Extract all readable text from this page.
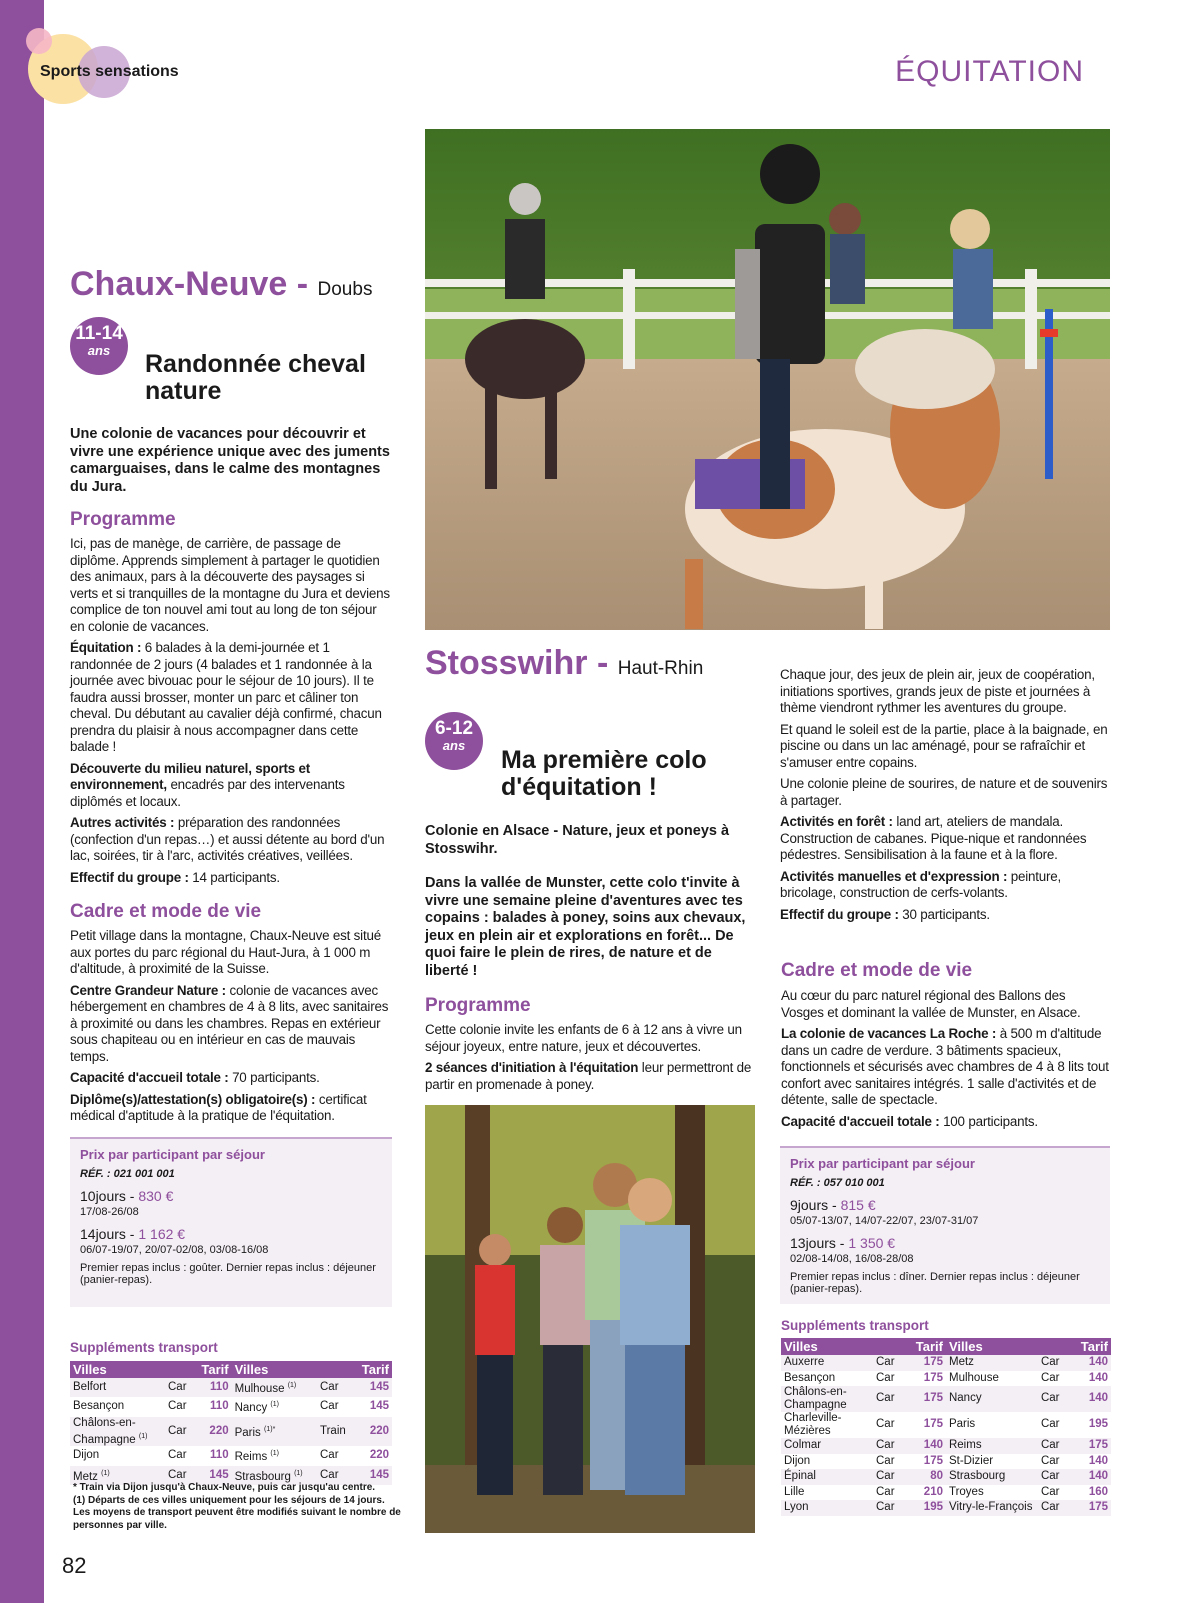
Sports sensations	ÉQUITATION
Chaux-Neuve - Doubs
11-14
ans	Randonnée cheval nature
Une colonie de vacances pour découvrir et vivre une expérience unique avec des juments camarguaises, dans le calme des montagnes du Jura.
Programme

Ici, pas de manège, de carrière, de passage de diplôme. Apprends simplement à partager le quotidien des animaux, pars à la découverte des paysages si verts et si tranquilles de la montagne du Jura et deviens complice de ton nouvel ami tout au long de ton séjour en colonie de vacances.

Équitation : 6 balades à la demi-journée et 1 randonnée de 2 jours (4 balades et 1 randonnée à la journée avec bivouac pour le séjour de 10 jours). Il te faudra aussi brosser, monter un parc et câliner ton cheval. Du débutant au cavalier déjà confirmé, chacun prendra du plaisir à nous accompagner dans cette balade !

Découverte du milieu naturel, sports et environnement, encadrés par des intervenants diplômés et locaux.

Autres activités : préparation des randonnées (confection d'un repas…) et aussi détente au bord d'un lac, soirées, tir à l'arc, activités créatives, veillées.

Effectif du groupe : 14 participants.

Cadre et mode de vie

Petit village dans la montagne, Chaux-Neuve est situé aux portes du parc régional du Haut-Jura, à 1 000 m d'altitude, à proximité de la Suisse.

Centre Grandeur Nature : colonie de vacances avec hébergement en chambres de 4 à 8 lits, avec sanitaires à proximité ou dans les chambres. Repas en extérieur sous chapiteau ou en intérieur en cas de mauvais temps.

Capacité d'accueil totale : 70 participants.

Diplôme(s)/attestation(s) obligatoire(s) : certificat médical d'aptitude à la pratique de l'équitation.

Prix par participant par séjour
RÉF. : 021 001 001
10jours - 830 €
17/08-26/08
14jours - 1 162 €
06/07-19/07, 20/07-02/08, 03/08-16/08
Premier repas inclus : goûter. Dernier repas inclus : déjeuner (panier-repas).
Suppléments transport
Villes		Tarif	Villes		Tarif
Belfort	Car	110	Mulhouse $^{(1)}$	Car	145
Besançon	Car	110	Nancy $^{(1)}$	Car	145
Châlons-en-Champagne $^{(1)}$	Car	220	Paris $^{(1)*}$	Train	220
Dijon	Car	110	Reims $^{(1)}$	Car	220
Metz $^{(1)}$	Car	145	Strasbourg $^{(1)}$	Car	145
* Train via Dijon jusqu'à Chaux-Neuve, puis car jusqu'au centre.
(1) Départs de ces villes uniquement pour les séjours de 14 jours.
Les moyens de transport peuvent être modifiés suivant le nombre de personnes par ville.
82
Stosswihr - Haut-Rhin
6-12
ans
Ma première colo d'équitation !
Colonie en Alsace - Nature, jeux et poneys à Stosswihr.
Dans la vallée de Munster, cette colo t'invite à vivre une semaine pleine d'aventures avec tes copains : balades à poney, soins aux chevaux, jeux en plein air et explorations en forêt... De quoi faire le plein de rires, de nature et de liberté !
Programme

Cette colonie invite les enfants de 6 à 12 ans à vivre un séjour joyeux, entre nature, jeux et découvertes.

2 séances d'initiation à l'équitation leur permettront de partir en promenade à poney.

Chaque jour, des jeux de plein air, jeux de coopération, initiations sportives, grands jeux de piste et journées à thème viendront rythmer les aventures du groupe.

Et quand le soleil est de la partie, place à la baignade, en piscine ou dans un lac aménagé, pour se rafraîchir et s'amuser entre copains.

Une colonie pleine de sourires, de nature et de souvenirs à partager.

Activités en forêt : land art, ateliers de mandala. Construction de cabanes. Pique-nique et randonnées pédestres. Sensibilisation à la faune et à la flore.

Activités manuelles et d'expression : peinture, bricolage, construction de cerfs-volants.

Effectif du groupe : 30 participants.

Cadre et mode de vie

Au cœur du parc naturel régional des Ballons des Vosges et dominant la vallée de Munster, en Alsace.

La colonie de vacances La Roche : à 500 m d'altitude dans un cadre de verdure. 3 bâtiments spacieux, fonctionnels et sécurisés avec chambres de 4 à 8 lits tout confort avec sanitaires intégrés. 1 salle d'activités et de détente, salle de spectacle.

Capacité d'accueil totale : 100 participants.

Prix par participant par séjour
RÉF. : 057 010 001
9jours - 815 €
05/07-13/07, 14/07-22/07, 23/07-31/07
13jours - 1 350 €
02/08-14/08, 16/08-28/08
Premier repas inclus : dîner. Dernier repas inclus : déjeuner (panier-repas).
Suppléments transport
Villes		Tarif	Villes		Tarif
Auxerre	Car	175	Metz	Car	140
Besançon	Car	175	Mulhouse	Car	140
Châlons-en-Champagne	Car	175	Nancy	Car	140
Charleville-Mézières	Car	175	Paris	Car	195
Colmar	Car	140	Reims	Car	175
Dijon	Car	175	St-Dizier	Car	140
Épinal	Car	80	Strasbourg	Car	140
Lille	Car	210	Troyes	Car	160
Lyon	Car	195	Vitry-le-François	Car	175
